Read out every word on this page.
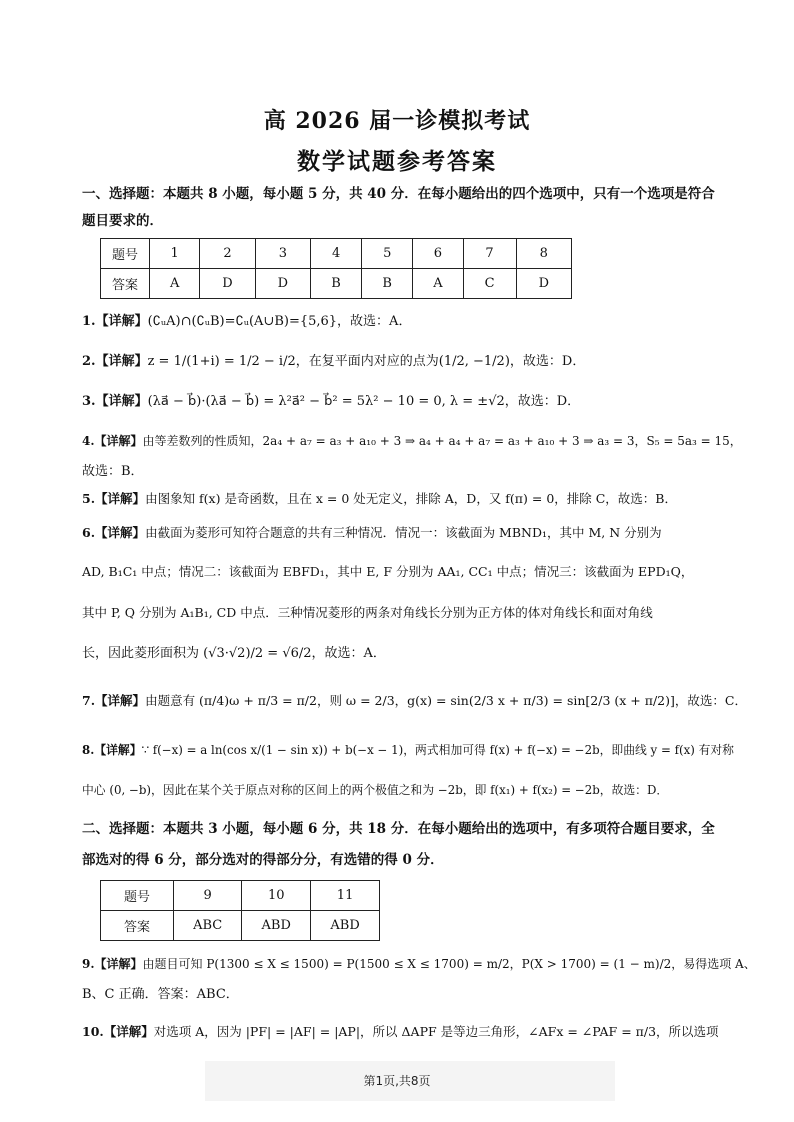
高 2026 届一诊模拟考试
数学试题参考答案
一、选择题：本题共 8 小题，每小题 5 分，共 40 分．在每小题给出的四个选项中，只有一个选项是符合
题目要求的．
题号	1	2	3	4	5	6	7	8
答案	A	D	D	B	B	A	C	D
1.【详解】(∁ᵤA)∩(∁ᵤB)=∁ᵤ(A∪B)={5,6}，故选：A．
2.【详解】z = 1/(1+i) = 1/2 − i/2，在复平面内对应的点为(1/2, −1/2)，故选：D．
3.【详解】(λa⃗ − b⃗)·(λa⃗ − b⃗) = λ²a⃗² − b⃗² = 5λ² − 10 = 0, λ = ±√2，故选：D．
4.【详解】由等差数列的性质知，2a₄ + a₇ = a₃ + a₁₀ + 3 ⇒ a₄ + a₄ + a₇ = a₃ + a₁₀ + 3 ⇒ a₃ = 3，S₅ = 5a₃ = 15，
故选：B．
5.【详解】由图象知 f(x) 是奇函数，且在 x = 0 处无定义，排除 A，D，又 f(π) = 0，排除 C，故选：B．
6.【详解】由截面为菱形可知符合题意的共有三种情况．情况一：该截面为 MBND₁，其中 M, N 分别为
AD, B₁C₁ 中点；情况二：该截面为 EBFD₁，其中 E, F 分别为 AA₁, CC₁ 中点；情况三：该截面为 EPD₁Q，
其中 P, Q 分别为 A₁B₁, CD 中点．三种情况菱形的两条对角线长分别为正方体的体对角线长和面对角线
长，因此菱形面积为 (√3·√2)/2 = √6/2，故选：A．
7.【详解】由题意有 (π/4)ω + π/3 = π/2，则 ω = 2/3，g(x) = sin(2/3 x + π/3) = sin[2/3 (x + π/2)]，故选：C．
8.【详解】∵ f(−x) = a ln(cos x/(1 − sin x)) + b(−x − 1)，两式相加可得 f(x) + f(−x) = −2b，即曲线 y = f(x) 有对称
中心 (0, −b)，因此在某个关于原点对称的区间上的两个极值之和为 −2b，即 f(x₁) + f(x₂) = −2b，故选：D．
二、选择题：本题共 3 小题，每小题 6 分，共 18 分．在每小题给出的选项中，有多项符合题目要求，全
部选对的得 6 分，部分选对的得部分分，有选错的得 0 分．
题号	9	10	11
答案	ABC	ABD	ABD
9.【详解】由题目可知 P(1300 ≤ X ≤ 1500) = P(1500 ≤ X ≤ 1700) = m/2，P(X > 1700) = (1 − m)/2，易得选项 A、
B、C 正确．答案：ABC．
10.【详解】对选项 A，因为 |PF| = |AF| = |AP|，所以 ΔAPF 是等边三角形，∠AFx = ∠PAF = π/3，所以选项
第1页,共8页
